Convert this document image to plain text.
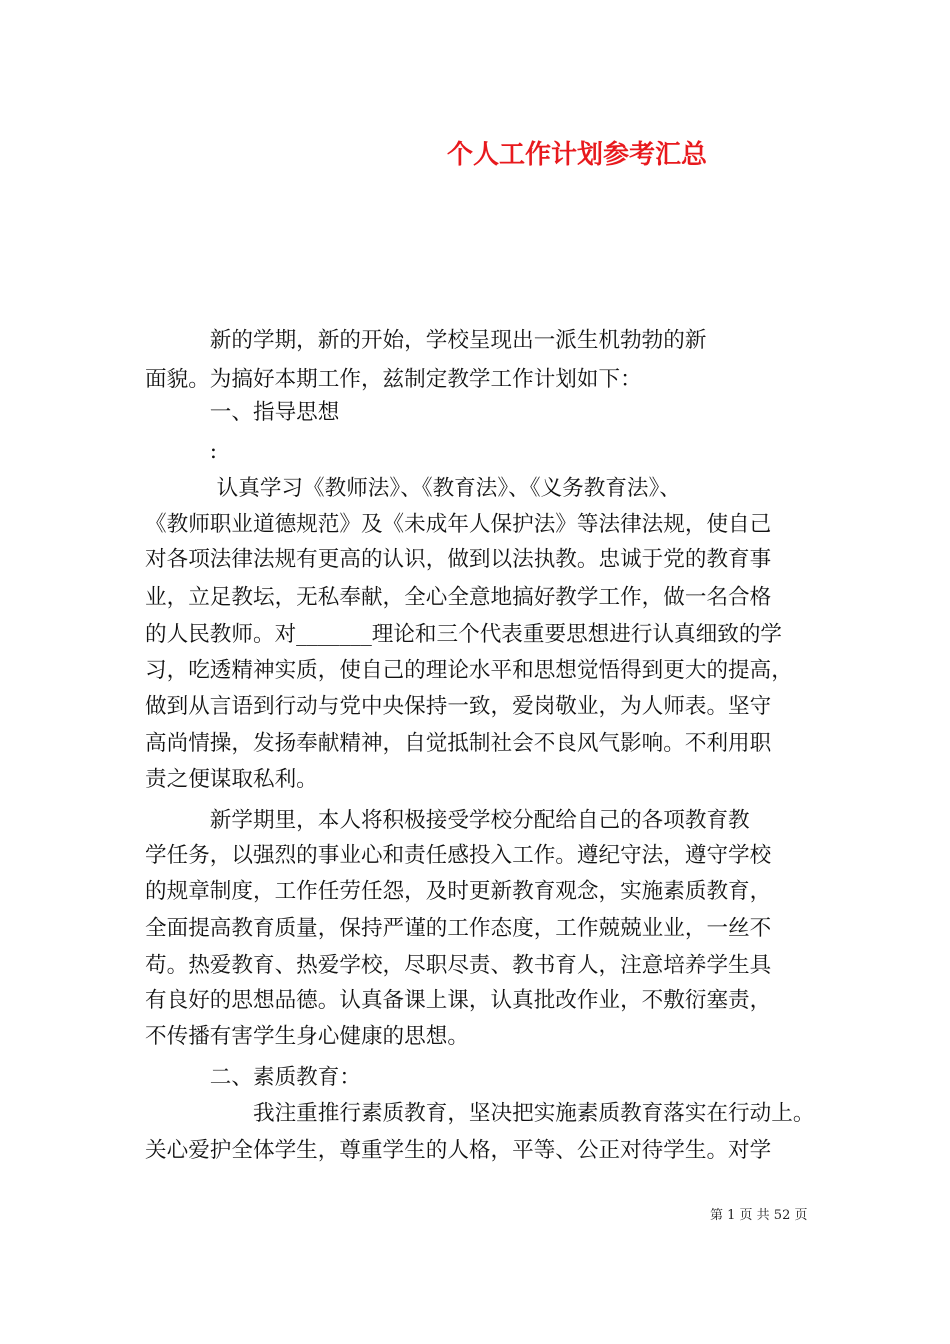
个人工作计划参考汇总
　　　新的学期，新的开始，学校呈现出一派生机勃勃的新
面貌。为搞好本期工作，兹制定教学工作计划如下：
　　　一、指导思想
　　　:
　　　 认真学习《教师法》、《教育法》、《义务教育法》、
《教师职业道德规范》及《未成年人保护法》等法律法规，使自己
对各项法律法规有更高的认识，做到以法执教。忠诚于党的教育事
业，立足教坛，无私奉献，全心全意地搞好教学工作，做一名合格
的人民教师。对_______理论和三个代表重要思想进行认真细致的学
习，吃透精神实质，使自己的理论水平和思想觉悟得到更大的提高，
做到从言语到行动与党中央保持一致，爱岗敬业，为人师表。坚守
高尚情操，发扬奉献精神，自觉抵制社会不良风气影响。不利用职
责之便谋取私利。
　　　新学期里，本人将积极接受学校分配给自己的各项教育教
学任务，以强烈的事业心和责任感投入工作。遵纪守法，遵守学校
的规章制度，工作任劳任怨，及时更新教育观念，实施素质教育，
全面提高教育质量，保持严谨的工作态度，工作兢兢业业，一丝不
苟。热爱教育、热爱学校，尽职尽责、教书育人，注意培养学生具
有良好的思想品德。认真备课上课，认真批改作业，不敷衍塞责，
不传播有害学生身心健康的思想。
　　　二、素质教育：
　　　　　我注重推行素质教育，坚决把实施素质教育落实在行动上。
关心爱护全体学生，尊重学生的人格，平等、公正对待学生。对学
第 1 页 共 52 页
